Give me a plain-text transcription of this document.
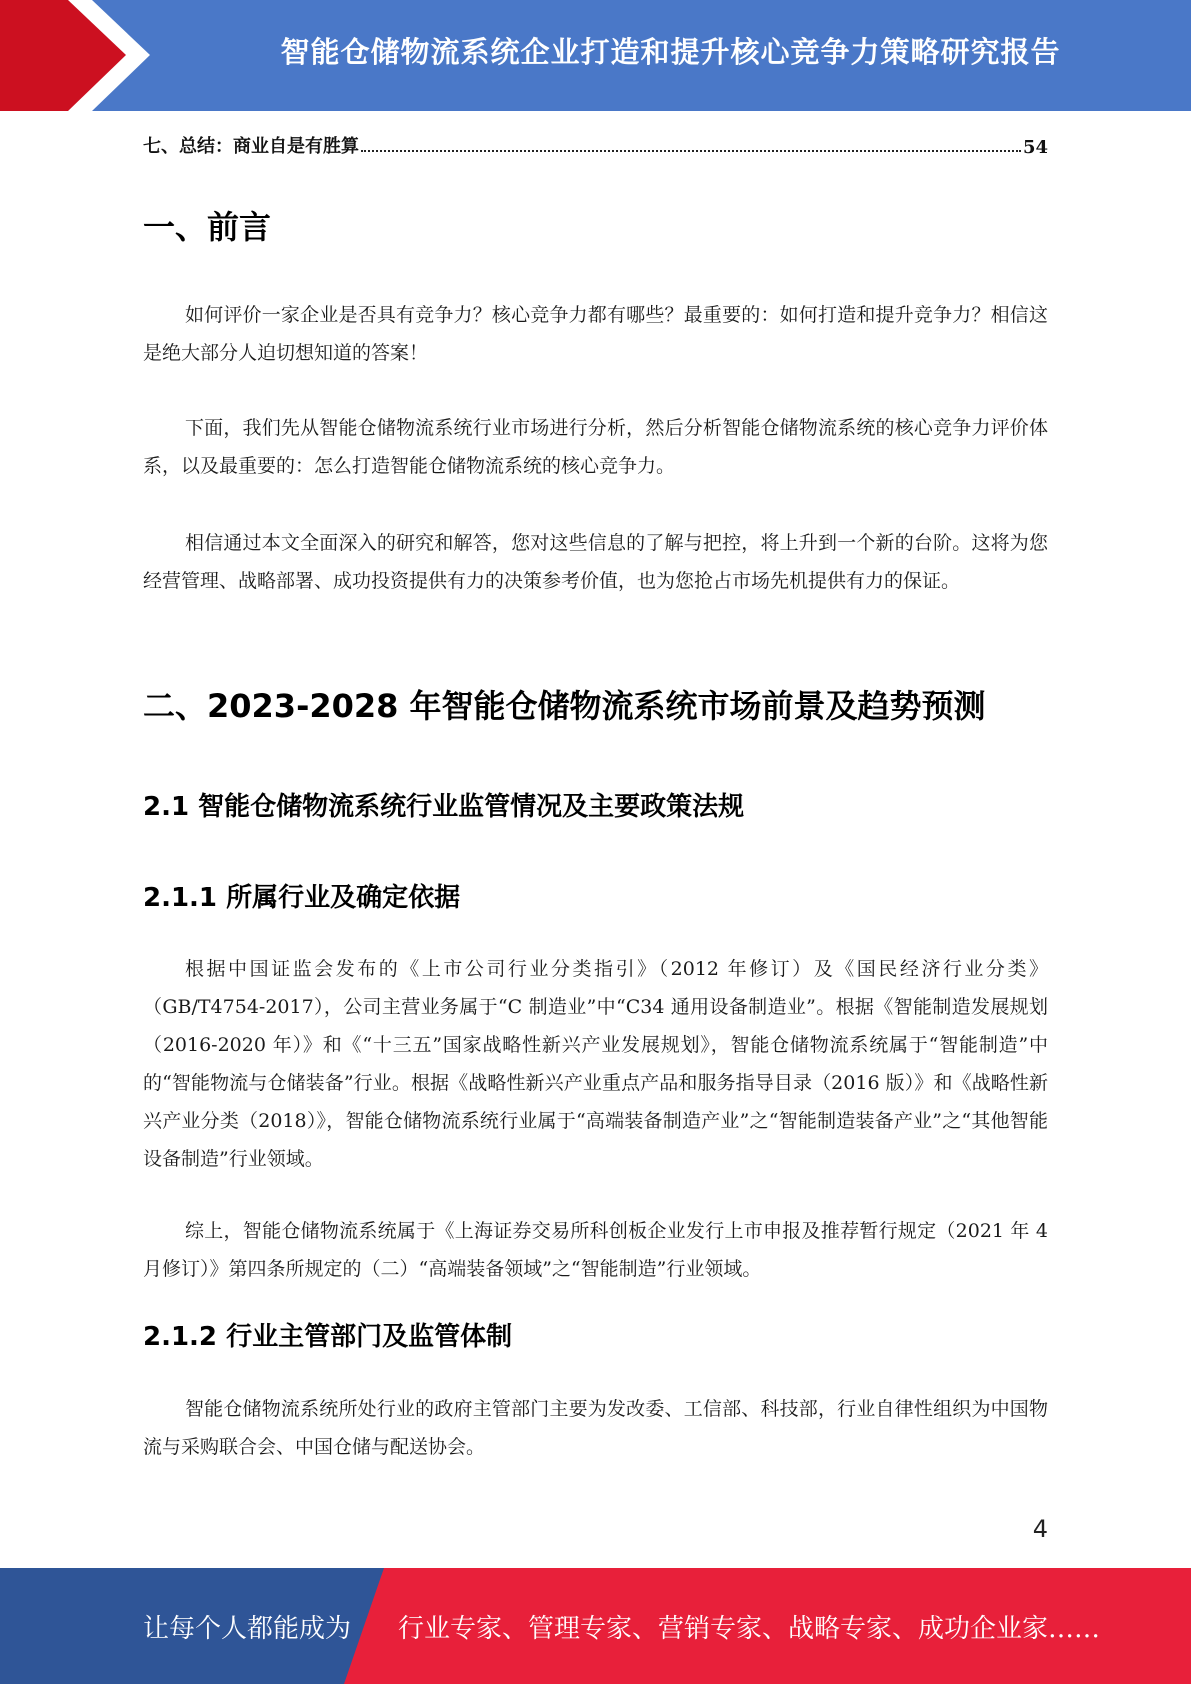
智能仓储物流系统企业打造和提升核心竞争力策略研究报告
七、总结：商业自是有胜算	54
一、前言
如何评价一家企业是否具有竞争力？核心竞争力都有哪些？最重要的：如何打造和提升竞争力？相信这是绝大部分人迫切想知道的答案！
下面，我们先从智能仓储物流系统行业市场进行分析，然后分析智能仓储物流系统的核心竞争力评价体系，以及最重要的：怎么打造智能仓储物流系统的核心竞争力。
相信通过本文全面深入的研究和解答，您对这些信息的了解与把控，将上升到一个新的台阶。这将为您经营管理、战略部署、成功投资提供有力的决策参考价值，也为您抢占市场先机提供有力的保证。
二、2023-2028 年智能仓储物流系统市场前景及趋势预测
2.1 智能仓储物流系统行业监管情况及主要政策法规
2.1.1 所属行业及确定依据
根据中国证监会发布的《上市公司行业分类指引》（2012 年修订）及《国民经济行业分类》（GB/T4754-2017），公司主营业务属于“C 制造业”中“C34 通用设备制造业”。根据《智能制造发展规划（2016-2020 年）》和《“十三五”国家战略性新兴产业发展规划》，智能仓储物流系统属于“智能制造”中的“智能物流与仓储装备”行业。根据《战略性新兴产业重点产品和服务指导目录（2016 版）》和《战略性新兴产业分类（2018）》，智能仓储物流系统行业属于“高端装备制造产业”之“智能制造装备产业”之“其他智能设备制造”行业领域。
综上，智能仓储物流系统属于《上海证券交易所科创板企业发行上市申报及推荐暂行规定（2021 年 4 月修订）》第四条所规定的（二）“高端装备领域”之“智能制造”行业领域。
2.1.2 行业主管部门及监管体制
智能仓储物流系统所处行业的政府主管部门主要为发改委、工信部、科技部，行业自律性组织为中国物流与采购联合会、中国仓储与配送协会。
4
让每个人都能成为 行业专家、管理专家、营销专家、战略专家、成功企业家……
